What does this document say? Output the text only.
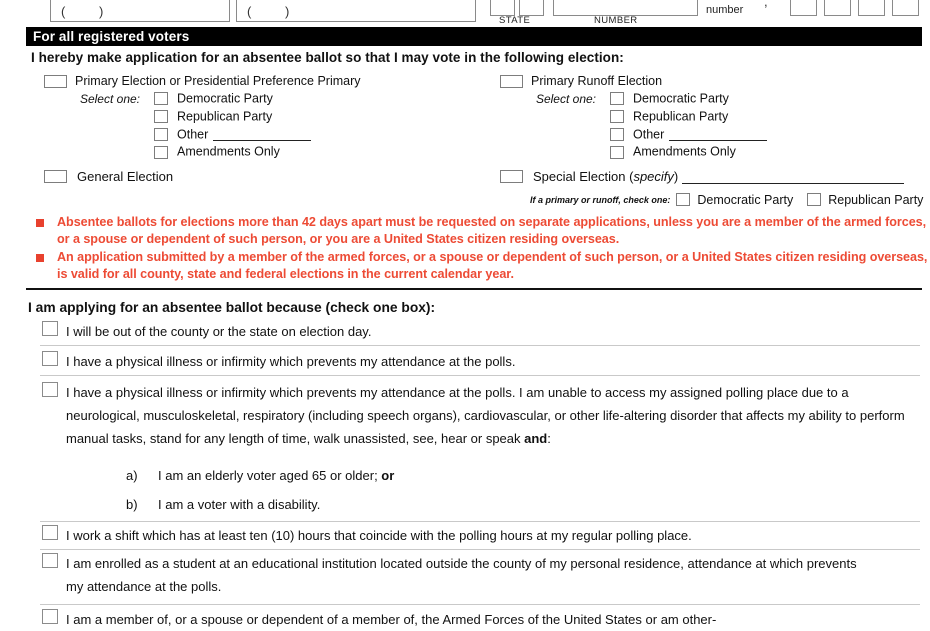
(	)	(	)
STATE	NUMBER
number
,
For all registered voters
I hereby make application for an absentee ballot so that I may vote in the following election:
Primary Election or Presidential Preference Primary
Select one:	Democratic Party
Republican Party
Other
Amendments Only
General Election
Primary Runoff Election
Select one:	Democratic Party
Republican Party
Other
Amendments Only
Special Election (specify)
If a primary or runoff, check one: Democratic Party	Republican Party
Absentee ballots for elections more than 42 days apart must be requested on separate applications, unless you are a member of the armed forces, or a spouse or dependent of such person, or you are a United States citizen residing overseas.
An application submitted by a member of the armed forces, or a spouse or dependent of such person, or a United States citizen residing overseas, is valid for all county, state and federal elections in the current calendar year.
I am applying for an absentee ballot because (check one box):
I will be out of the county or the state on election day.
I have a physical illness or infirmity which prevents my attendance at the polls.
I have a physical illness or infirmity which prevents my attendance at the polls. I am unable to access my assigned polling place due to a neurological, musculoskeletal, respiratory (including speech organs), cardiovascular, or other life-altering disorder that affects my ability to perform manual tasks, stand for any length of time, walk unassisted, see, hear or speak and:
a) I am an elderly voter aged 65 or older; or
b) I am a voter with a disability.
I work a shift which has at least ten (10) hours that coincide with the polling hours at my regular polling place.
I am enrolled as a student at an educational institution located outside the county of my personal residence, attendance at which prevents my attendance at the polls.
I am a member of, or a spouse or dependent of a member of, the Armed Forces of the United States or am other-
